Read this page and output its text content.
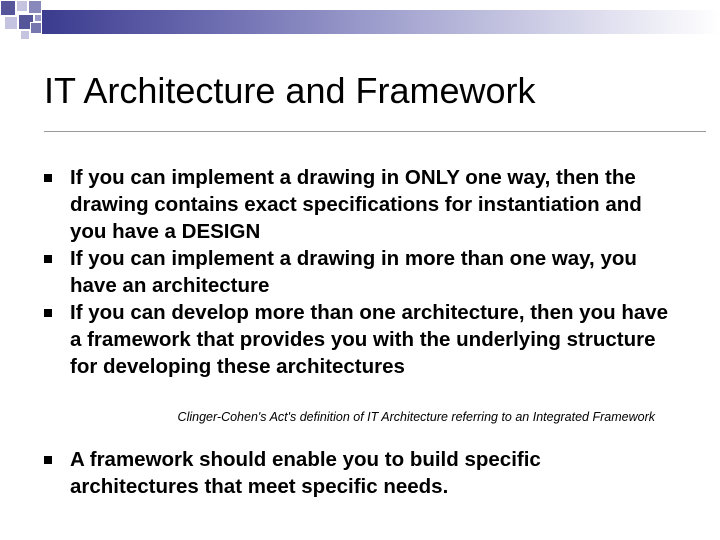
IT Architecture and Framework
If you can implement a drawing in ONLY one way, then the drawing contains exact specifications for instantiation and you have a DESIGN
If you can implement a drawing in more than one way, you have an architecture
If you can develop more than one architecture, then you have a framework that provides you with the underlying structure for developing these architectures
Clinger-Cohen's Act's definition of IT Architecture referring to an Integrated Framework
A framework should enable you to build specific architectures that meet specific needs.
